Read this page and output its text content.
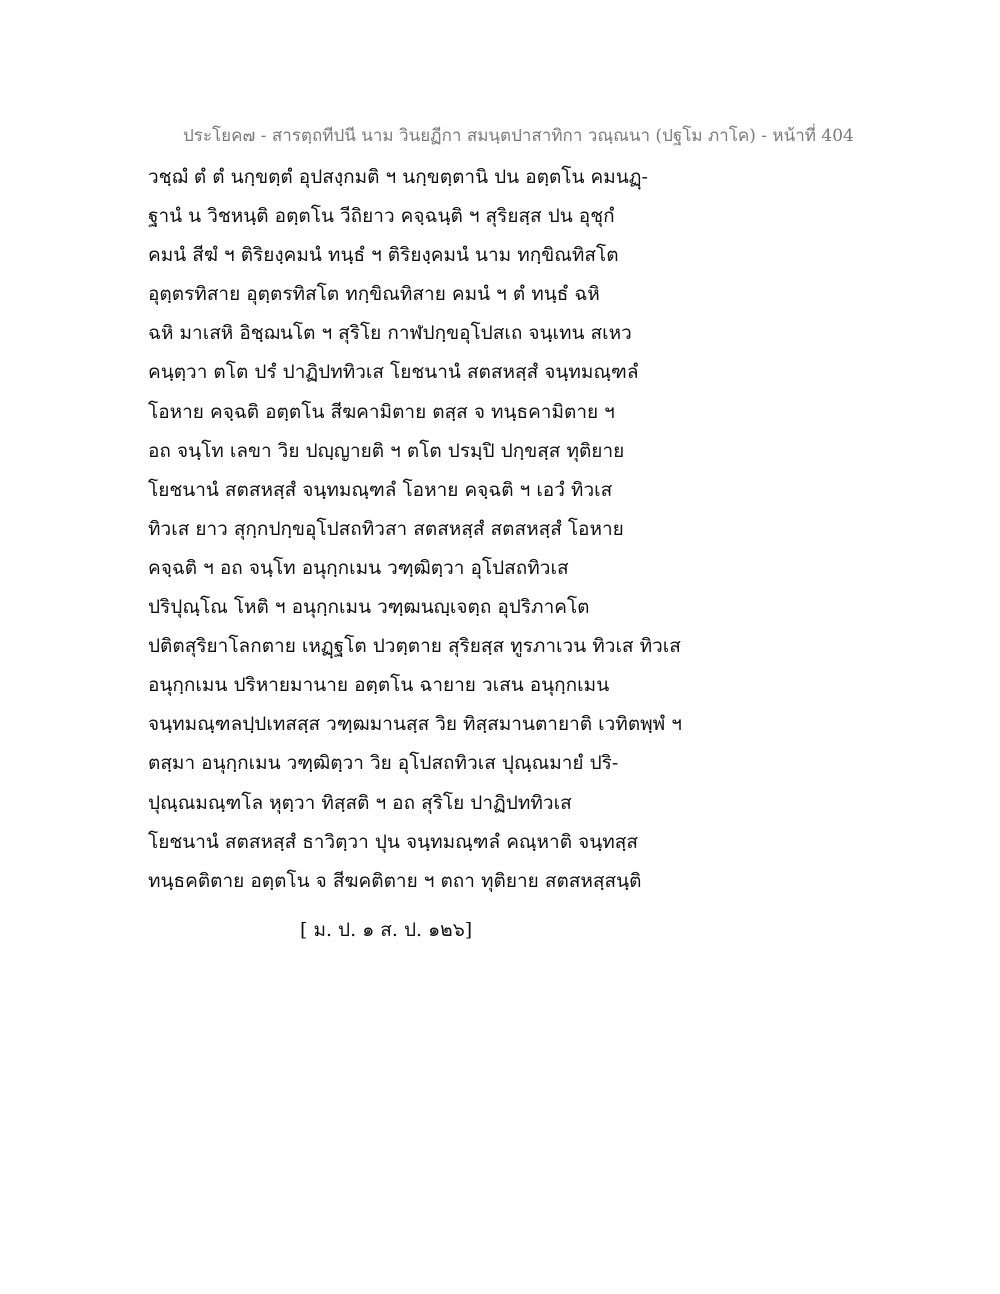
ประโยค๗ - สารตฺถทีปนี นาม วินยฏีกา สมนฺตปาสาทิกา วณฺณนา (ปฐโม ภาโค) - หน้าที่ 404
วชฺฌํ ตํ ตํ นกฺขตฺตํ อุปสงฺกมติ ฯ นกฺขตฺตานิ ปน อตฺตโน คมนฏฺ-
ฐานํ น วิชหนฺติ อตฺตโน วีถิยาว คจฺฉนฺติ ฯ สุริยสฺส ปน อุชุกํ
คมนํ สีฆํ ฯ ติริยงฺคมนํ ทนฺธํ ฯ ติริยงฺคมนํ นาม ทกฺขิณทิสโต
อุตฺตรทิสาย อุตฺตรทิสโต ทกฺขิณทิสาย คมนํ ฯ ตํ ทนฺธํ ฉหิ
ฉหิ มาเสหิ อิชฺฌนโต ฯ สุริโย กาฬปกฺขอุโปสเถ จนฺเทน สเหว
คนฺตฺวา ตโต ปรํ ปาฏิปททิวเส โยชนานํ สตสหสฺสํ จนฺทมณฺฑลํ
โอหาย คจฺฉติ อตฺตโน สีฆคามิตาย ตสฺส จ ทนฺธคามิตาย ฯ
อถ จนฺโท เลขา วิย ปญฺญายติ ฯ ตโต ปรมฺปิ ปกฺขสฺส ทุติยาย
โยชนานํ สตสหสฺสํ จนฺทมณฺฑลํ โอหาย คจฺฉติ ฯ เอวํ ทิวเส
ทิวเส ยาว สุกฺกปกฺขอุโปสถทิวสา สตสหสฺสํ สตสหสฺสํ โอหาย
คจฺฉติ ฯ อถ จนฺโท อนุกฺกเมน วฑฺฒิตฺวา อุโปสถทิวเส
ปริปุณฺโณ โหติ ฯ อนุกฺกเมน วฑฺฒนญฺเจตฺถ อุปริภาคโต
ปติตสุริยาโลกตาย เหฏฺฐโต ปวตฺตาย สุริยสฺส ทูรภาเวน ทิวเส ทิวเส
อนุกฺกเมน ปริหายมานาย อตฺตโน ฉายาย วเสน อนุกฺกเมน
จนฺทมณฺฑลปฺปเทสสฺส วฑฺฒมานสฺส วิย ทิสฺสมานตายาติ เวทิตพฺพํ ฯ
ตสฺมา อนุกฺกเมน วฑฺฒิตฺวา วิย อุโปสถทิวเส ปุณฺณมายํ ปริ-
ปุณฺณมณฺฑโล หุตฺวา ทิสฺสติ ฯ อถ สุริโย ปาฏิปททิวเส
โยชนานํ สตสหสฺสํ ธาวิตฺวา ปุน จนฺทมณฺฑลํ คณฺหาติ จนฺทสฺส
ทนฺธคติตาย อตฺตโน จ สีฆคติตาย ฯ ตถา ทุติยาย สตสหสฺสนฺติ
[ ม. ป. ๑ ส. ป. ๑๒๖]
